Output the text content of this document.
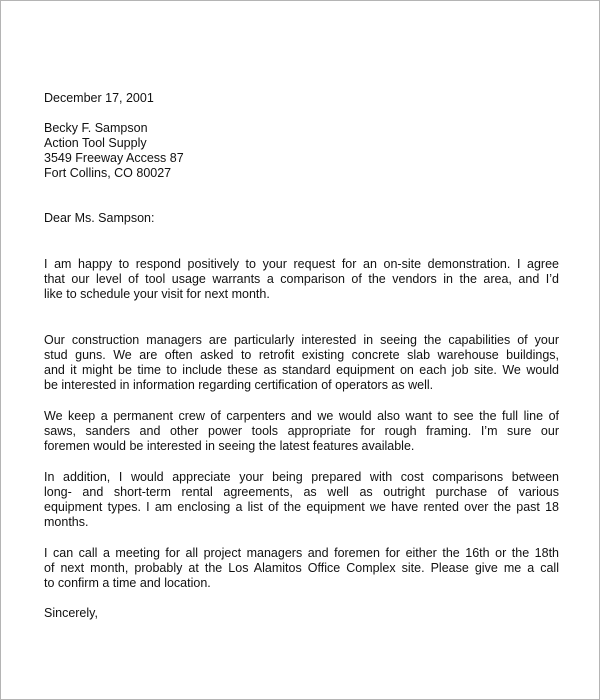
December 17, 2001

Becky F. Sampson
Action Tool Supply
3549 Freeway Access 87
Fort Collins, CO 80027

Dear Ms. Sampson:

I am happy to respond positively to your request for an on-site demonstration. I agree
that our level of tool usage warrants a comparison of the vendors in the area, and I’d
like to schedule your visit for next month.

Our construction managers are particularly interested in seeing the capabilities of your
stud guns. We are often asked to retrofit existing concrete slab warehouse buildings,
and it might be time to include these as standard equipment on each job site. We would
be interested in information regarding certification of operators as well.

We keep a permanent crew of carpenters and we would also want to see the full line of
saws, sanders and other power tools appropriate for rough framing. I’m sure our
foremen would be interested in seeing the latest features available.

In addition, I would appreciate your being prepared with cost comparisons between
long- and short-term rental agreements, as well as outright purchase of various
equipment types. I am enclosing a list of the equipment we have rented over the past 18
months.

I can call a meeting for all project managers and foremen for either the 16th or the 18th
of next month, probably at the Los Alamitos Office Complex site. Please give me a call
to confirm a time and location.

Sincerely,
